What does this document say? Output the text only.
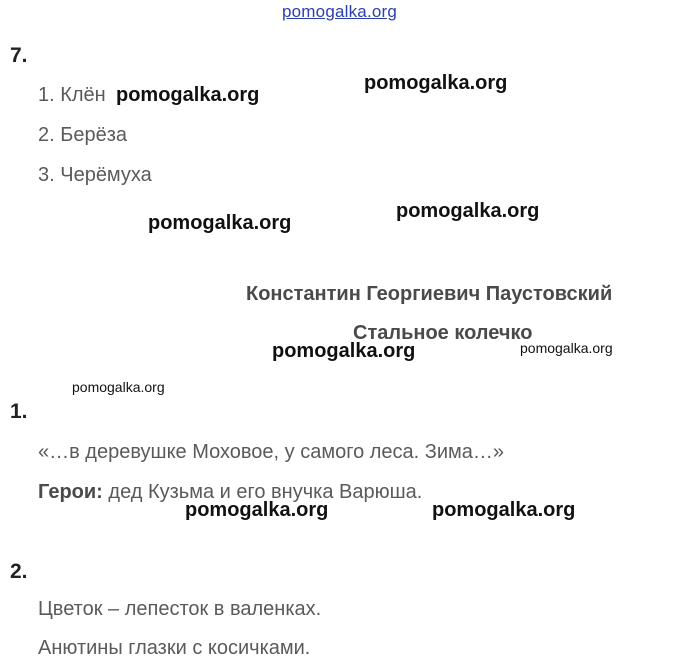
pomogalka.org
7.
1. Клён
2. Берёза
3. Черёмуха
pomogalka.org
pomogalka.org
pomogalka.org
pomogalka.org
Константин Георгиевич Паустовский
Стальное колечко
pomogalka.org	pomogalka.org
pomogalka.org
1.
«…в деревушке Моховое, у самого леса. Зима…»
Герои: дед Кузьма и его внучка Варюша.
pomogalka.org	pomogalka.org
2.
Цветок – лепесток в валенках.
Анютины глазки с косичками.
